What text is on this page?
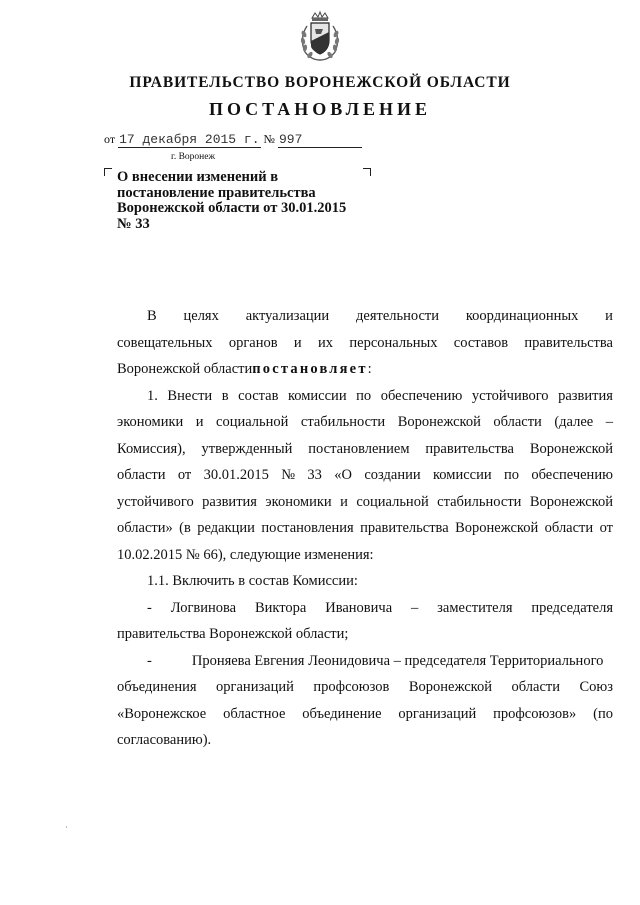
ПРАВИТЕЛЬСТВО ВОРОНЕЖСКОЙ ОБЛАСТИ
ПОСТАНОВЛЕНИЕ
от 17 декабря 2015 г. № 997
г. Воронеж
О внесении изменений в
постановление правительства
Воронежской области от 30.01.2015
№ 33
В целях актуализации деятельности координационных и
совещательных органов и их персональных составов правительства
Воронежской области постановляет :
1. Внести в состав комиссии по обеспечению устойчивого развития
экономики и социальной стабильности Воронежской области (далее –
Комиссия), утвержденный постановлением правительства Воронежской
области от 30.01.2015 № 33 «О создании комиссии по обеспечению
устойчивого развития экономики и социальной стабильности Воронежской
области» (в редакции постановления правительства Воронежской области от
10.02.2015 № 66), следующие изменения:
1.1. Включить в состав Комиссии:
- Логвинова Виктора Ивановича – заместителя председателя
правительства Воронежской области;
-	Проняева Евгения Леонидовича – председателя Территориального
объединения организаций профсоюзов Воронежской области Союз
«Воронежское областное объединение организаций профсоюзов» (по
согласованию).
